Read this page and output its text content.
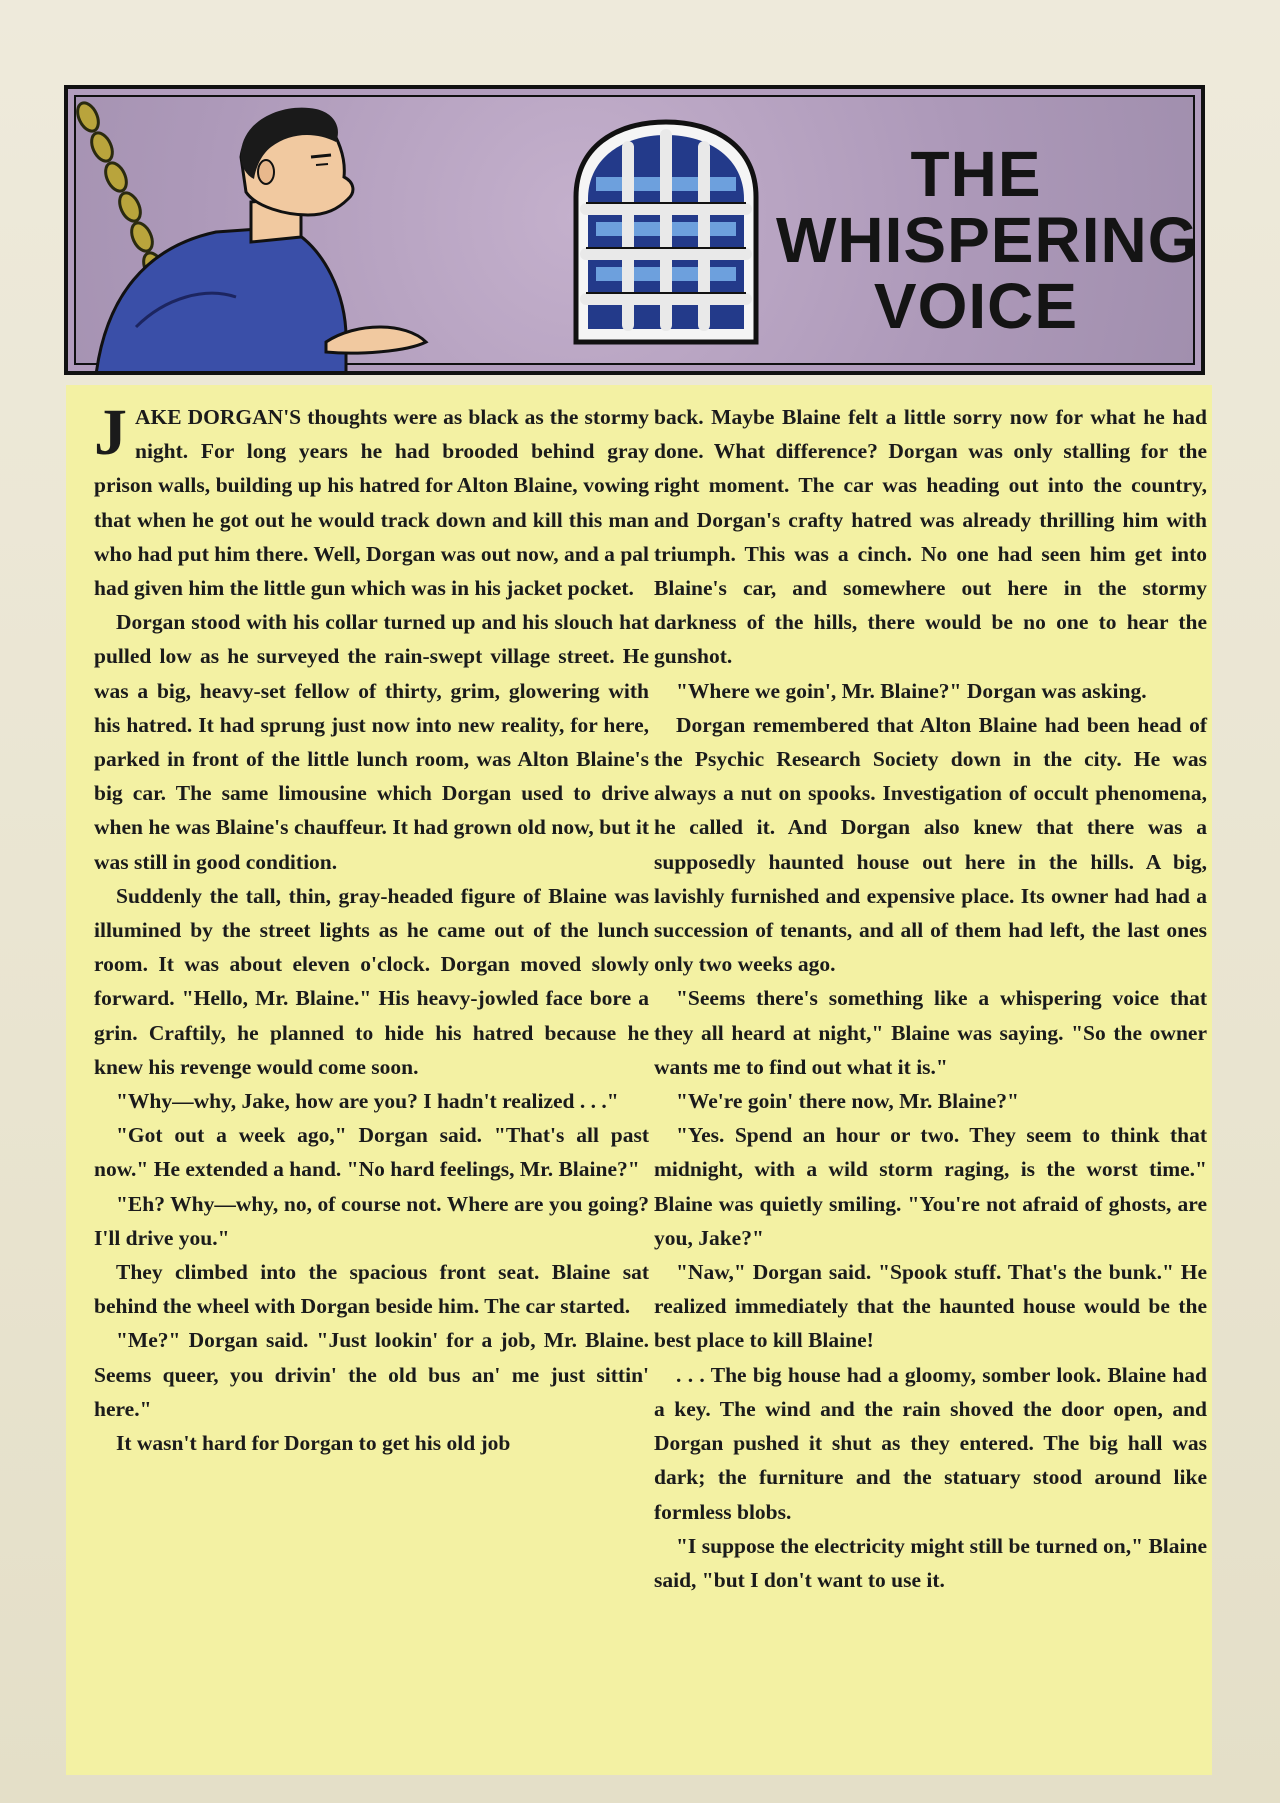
THE
WHISPERING
VOICE

JAKE DORGAN'S thoughts were as black as the stormy night. For long years he had brooded behind gray prison walls, building up his hatred for Alton Blaine, vowing that when he got out he would track down and kill this man who had put him there. Well, Dorgan was out now, and a pal had given him the little gun which was in his jacket pocket.

Dorgan stood with his collar turned up and his slouch hat pulled low as he surveyed the rain-swept village street. He was a big, heavy-set fellow of thirty, grim, glowering with his hatred. It had sprung just now into new reality, for here, parked in front of the little lunch room, was Alton Blaine's big car. The same limousine which Dorgan used to drive when he was Blaine's chauffeur. It had grown old now, but it was still in good condition.

Suddenly the tall, thin, gray-headed figure of Blaine was illumined by the street lights as he came out of the lunch room. It was about eleven o'clock. Dorgan moved slowly forward. "Hello, Mr. Blaine." His heavy-jowled face bore a grin. Craftily, he planned to hide his hatred because he knew his revenge would come soon.

"Why—why, Jake, how are you? I hadn't realized . . ."

"Got out a week ago," Dorgan said. "That's all past now." He extended a hand. "No hard feelings, Mr. Blaine?"

"Eh? Why—why, no, of course not. Where are you going? I'll drive you."

They climbed into the spacious front seat. Blaine sat behind the wheel with Dorgan beside him. The car started.

"Me?" Dorgan said. "Just lookin' for a job, Mr. Blaine. Seems queer, you drivin' the old bus an' me just sittin' here."

It wasn't hard for Dorgan to get his old job

back. Maybe Blaine felt a little sorry now for what he had done. What difference? Dorgan was only stalling for the right moment. The car was heading out into the country, and Dorgan's crafty hatred was already thrilling him with triumph. This was a cinch. No one had seen him get into Blaine's car, and somewhere out here in the stormy darkness of the hills, there would be no one to hear the gunshot.

"Where we goin', Mr. Blaine?" Dorgan was asking.

Dorgan remembered that Alton Blaine had been head of the Psychic Research Society down in the city. He was always a nut on spooks. Investigation of occult phenomena, he called it. And Dorgan also knew that there was a supposedly haunted house out here in the hills. A big, lavishly furnished and expensive place. Its owner had had a succession of tenants, and all of them had left, the last ones only two weeks ago.

"Seems there's something like a whispering voice that they all heard at night," Blaine was saying. "So the owner wants me to find out what it is."

"We're goin' there now, Mr. Blaine?"

"Yes. Spend an hour or two. They seem to think that midnight, with a wild storm raging, is the worst time." Blaine was quietly smiling. "You're not afraid of ghosts, are you, Jake?"

"Naw," Dorgan said. "Spook stuff. That's the bunk." He realized immediately that the haunted house would be the best place to kill Blaine!

. . . The big house had a gloomy, somber look. Blaine had a key. The wind and the rain shoved the door open, and Dorgan pushed it shut as they entered. The big hall was dark; the furniture and the statuary stood around like formless blobs.

"I suppose the electricity might still be turned on," Blaine said, "but I don't want to use it.
